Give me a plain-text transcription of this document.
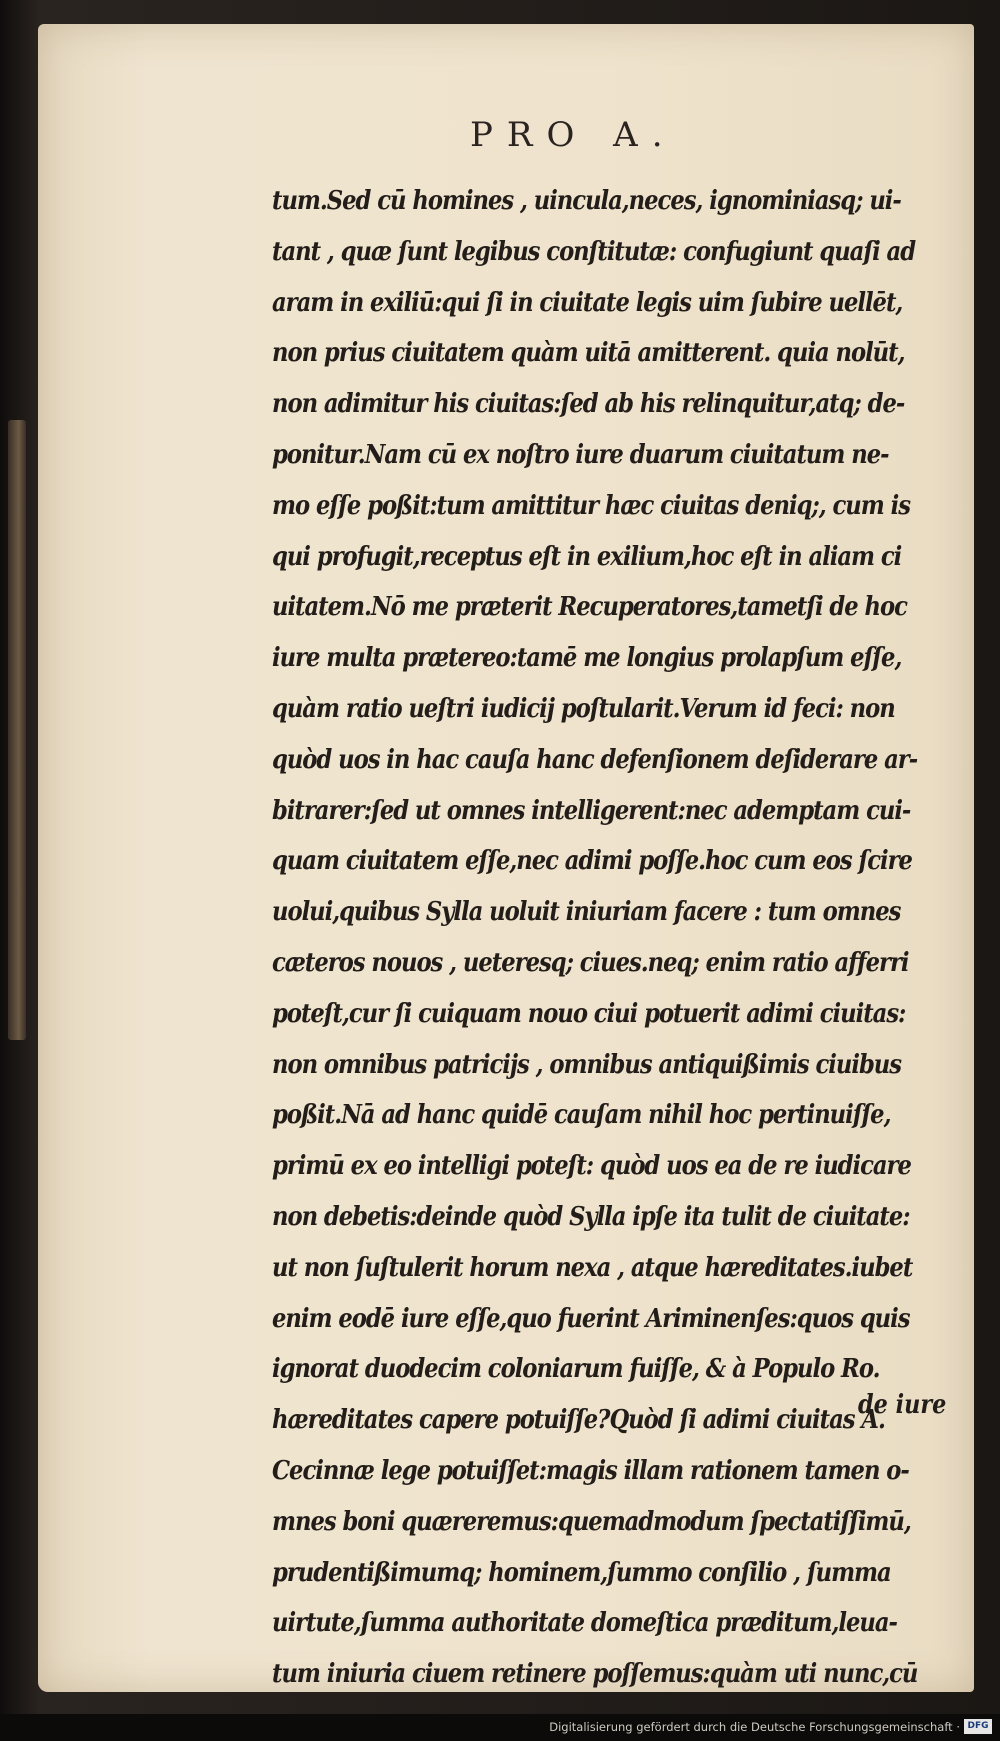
PRO A.
tum.Sed cū homines , uincula,neces, ignominiasq; ui-
tant , quæ ſunt legibus conſtitutæ: confugiunt quaſi ad
aram in exiliū:qui ſi in ciuitate legis uim ſubire uellēt,
non prius ciuitatem quàm uitā amitterent. quia nolūt,
non adimitur his ciuitas:ſed ab his relinquitur,atq; de-
ponitur.Nam cū ex noſtro iure duarum ciuitatum ne-
mo eſſe poßit:tum amittitur hæc ciuitas deniq;, cum is
qui profugit,receptus eſt in exilium,hoc eſt in aliam ci
uitatem.Nō me præterit Recuperatores,tametſi de hoc
iure multa prætereo:tamē me longius prolapſum eſſe,
quàm ratio ueſtri iudicij poſtularit.Verum id feci: non
quòd uos in hac cauſa hanc defenſionem deſiderare ar-
bitrarer:ſed ut omnes intelligerent:nec ademptam cui-
quam ciuitatem eſſe,nec adimi poſſe.hoc cum eos ſcire
uolui,quibus Sylla uoluit iniuriam facere : tum omnes
cæteros nouos , ueteresq; ciues.neq; enim ratio afferri
poteſt,cur ſi cuiquam nouo ciui potuerit adimi ciuitas:
non omnibus patricijs , omnibus antiquißimis ciuibus
poßit.Nā ad hanc quidē cauſam nihil hoc pertinuiſſe,
primū ex eo intelligi poteſt: quòd uos ea de re iudicare
non debetis:deinde quòd Sylla ipſe ita tulit de ciuitate:
ut non ſuſtulerit horum nexa , atque hæreditates.iubet
enim eodē iure eſſe,quo fuerint Ariminenſes:quos quis
ignorat duodecim coloniarum fuiſſe, & à Populo Ro.
hæreditates capere potuiſſe?Quòd ſi adimi ciuitas A.
Cecinnæ lege potuiſſet:magis illam rationem tamen o-
mnes boni quæreremus:quemadmodum ſpectatiſſimū,
prudentißimumq; hominem,ſummo conſilio , ſumma
uirtute,ſumma authoritate domeſtica præditum,leua-
tum iniuria ciuem retinere poſſemus:quàm uti nunc,cū
de iure
Digitalisierung gefördert durch die Deutsche Forschungsgemeinschaft · DFG
